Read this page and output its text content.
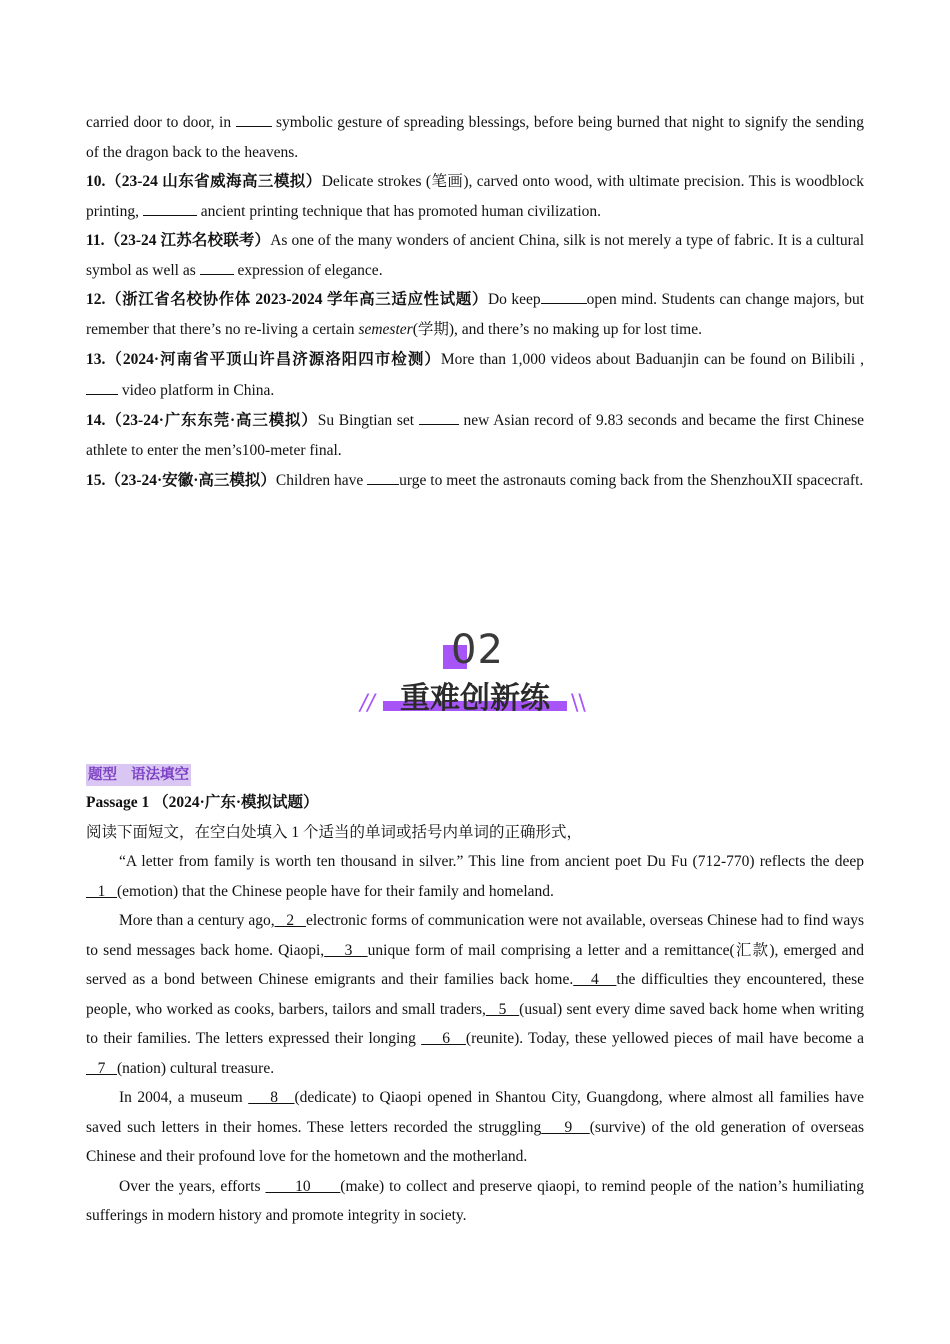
carried door to door, in  symbolic gesture of spreading blessings, before being burned that night to signify the sending of the dragon back to the heavens.

10.（23-24 山东省威海高三模拟）Delicate strokes (笔画), carved onto wood, with ultimate precision. This is woodblock printing,	ancient printing technique that has promoted human civilization.

11.（23-24 江苏名校联考）As one of the many wonders of ancient China, silk is not merely a type of fabric. It is a cultural symbol as well as  expression of elegance.

12.（浙江省名校协作体 2023-2024 学年高三适应性试题）Do keep	open mind. Students can change majors, but remember that there’s no re-living a certain semester(学期), and there’s no making up for lost time.

13.（2024·河南省平顶山许昌济源洛阳四市检测）More than 1,000 videos about Baduanjin can be found on Bilibili ,  video platform in China.

14.（23-24·广东东莞·高三模拟）Su Bingtian set	new Asian record of 9.83 seconds and became the first Chinese athlete to enter the men’s100-meter final.

15.（23-24·安徽·高三模拟）Children have urge to meet the astronauts coming back from the ShenzhouXII spacecraft.

02
重难创新练
//	\\

题型 语法填空

Passage 1 （2024·广东·模拟试题）

阅读下面短文，在空白处填入 1 个适当的单词或括号内单词的正确形式，

“A letter from family is worth ten thousand in silver.” This line from ancient poet Du Fu (712-770) reflects the deep   1   (emotion) that the Chinese people have for their family and homeland.

More than a century ago,   2   electronic forms of communication were not available, overseas Chinese had to find ways to send messages back home. Qiaopi,    3   unique form of mail comprising a letter and a remittance(汇款), emerged and served as a bond between Chinese emigrants and their families back home.   4   the difficulties they encountered, these people, who worked as cooks, barbers, tailors and small traders,   5   (usual) sent every dime saved back home when writing to their families. The letters expressed their longing     6   (reunite). Today, these yellowed pieces of mail have become a   7   (nation) cultural treasure.

In 2004, a museum     8   (dedicate) to Qiaopi opened in Shantou City, Guangdong, where almost all families have saved such letters in their homes. These letters recorded the struggling    9   (survive) of the old generation of overseas Chinese and their profound love for the hometown and the motherland.

Over the years, efforts       10      (make) to collect and preserve qiaopi, to remind people of the nation’s humiliating sufferings in modern history and promote integrity in society.
